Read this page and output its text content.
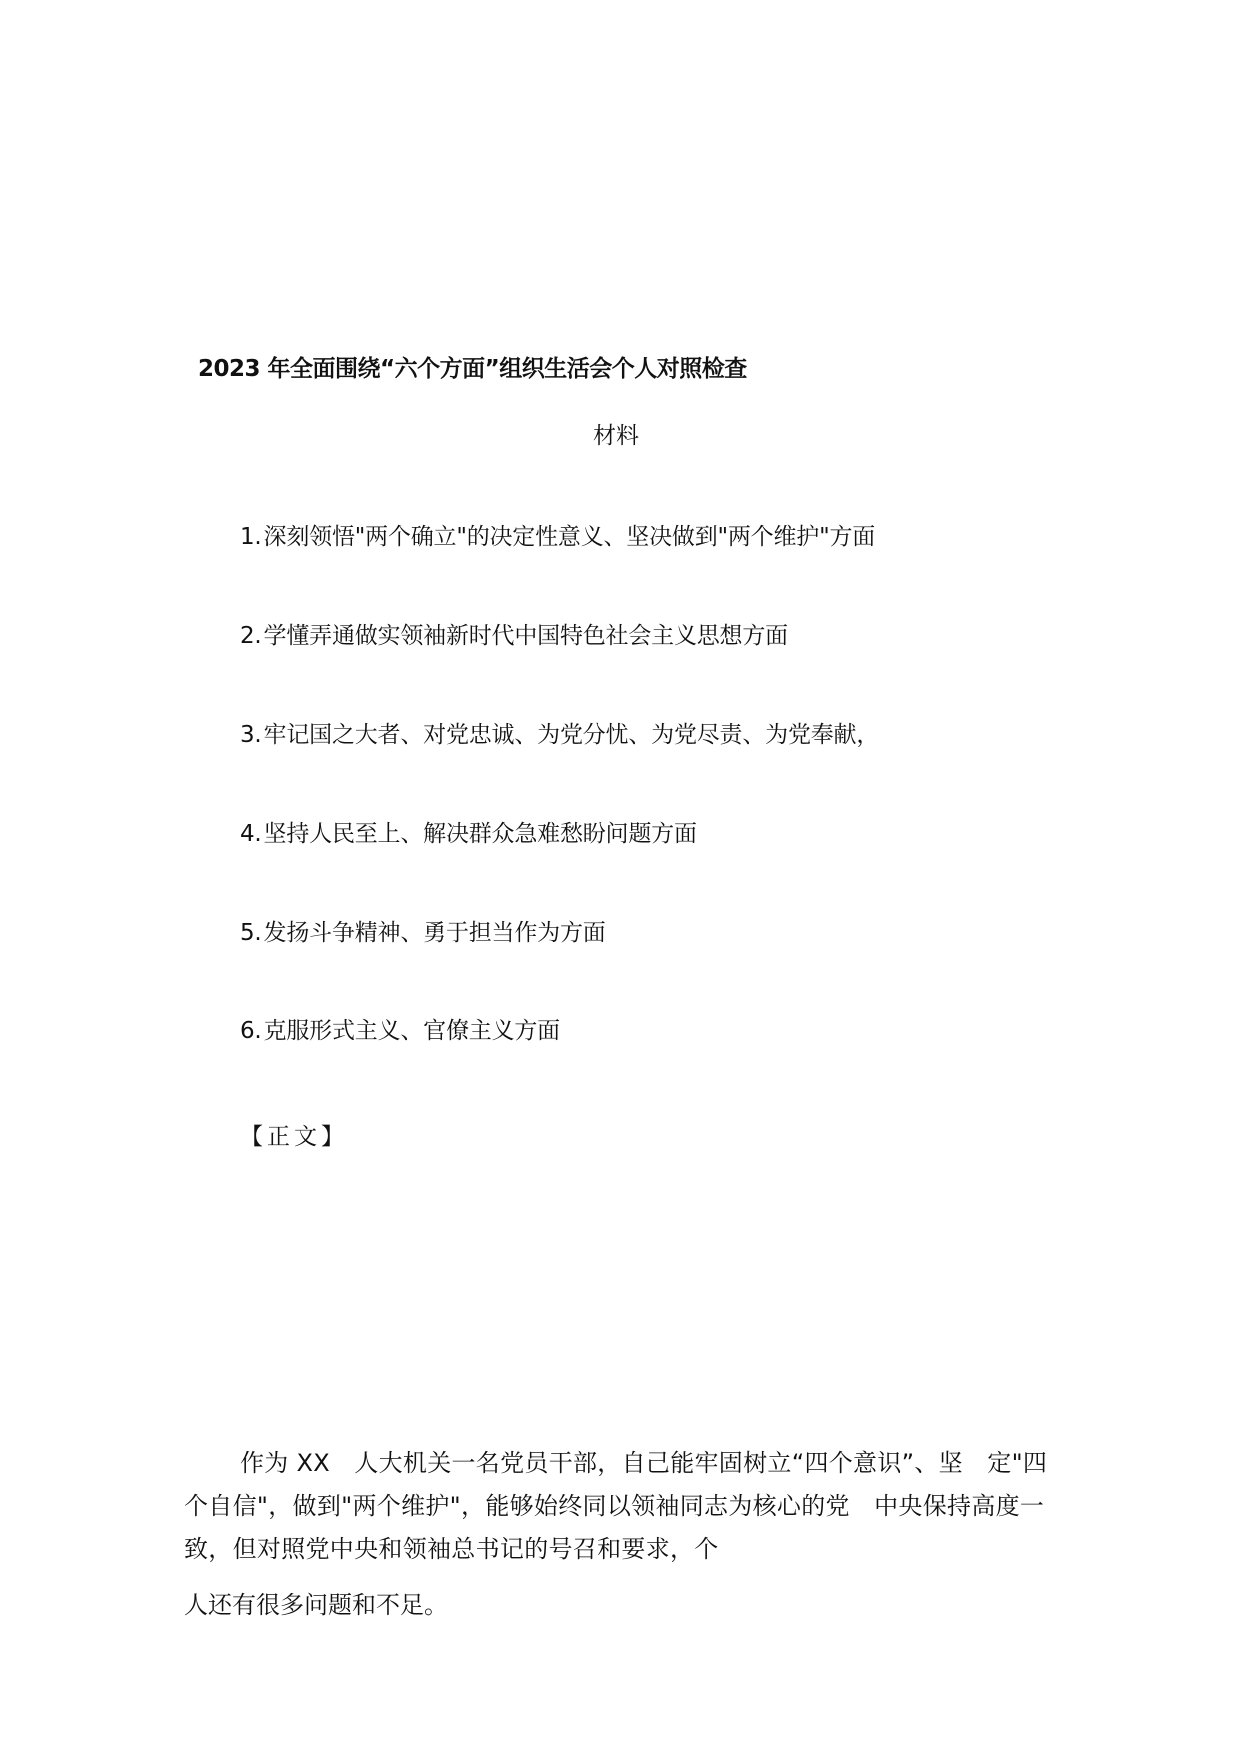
2023 年全面围绕“六个方面”组织生活会个人对照检查

材料

1.深刻领悟"两个确立"的决定性意义、坚决做到"两个维护"方面
2.学懂弄通做实领袖新时代中国特色社会主义思想方面
3.牢记国之大者、对党忠诚、为党分忧、为党尽责、为党奉献，
4.坚持人民至上、解决群众急难愁盼问题方面
5.发扬斗争精神、勇于担当作为方面
6.克服形式主义、官僚主义方面

【正文】

作为 XX　人大机关一名党员干部，自己能牢固树立“四个意识”、坚　定"四个自信"，做到"两个维护"，能够始终同以领袖同志为核心的党　中央保持高度一致，但对照党中央和领袖总书记的号召和要求，个

人还有很多问题和不足。
